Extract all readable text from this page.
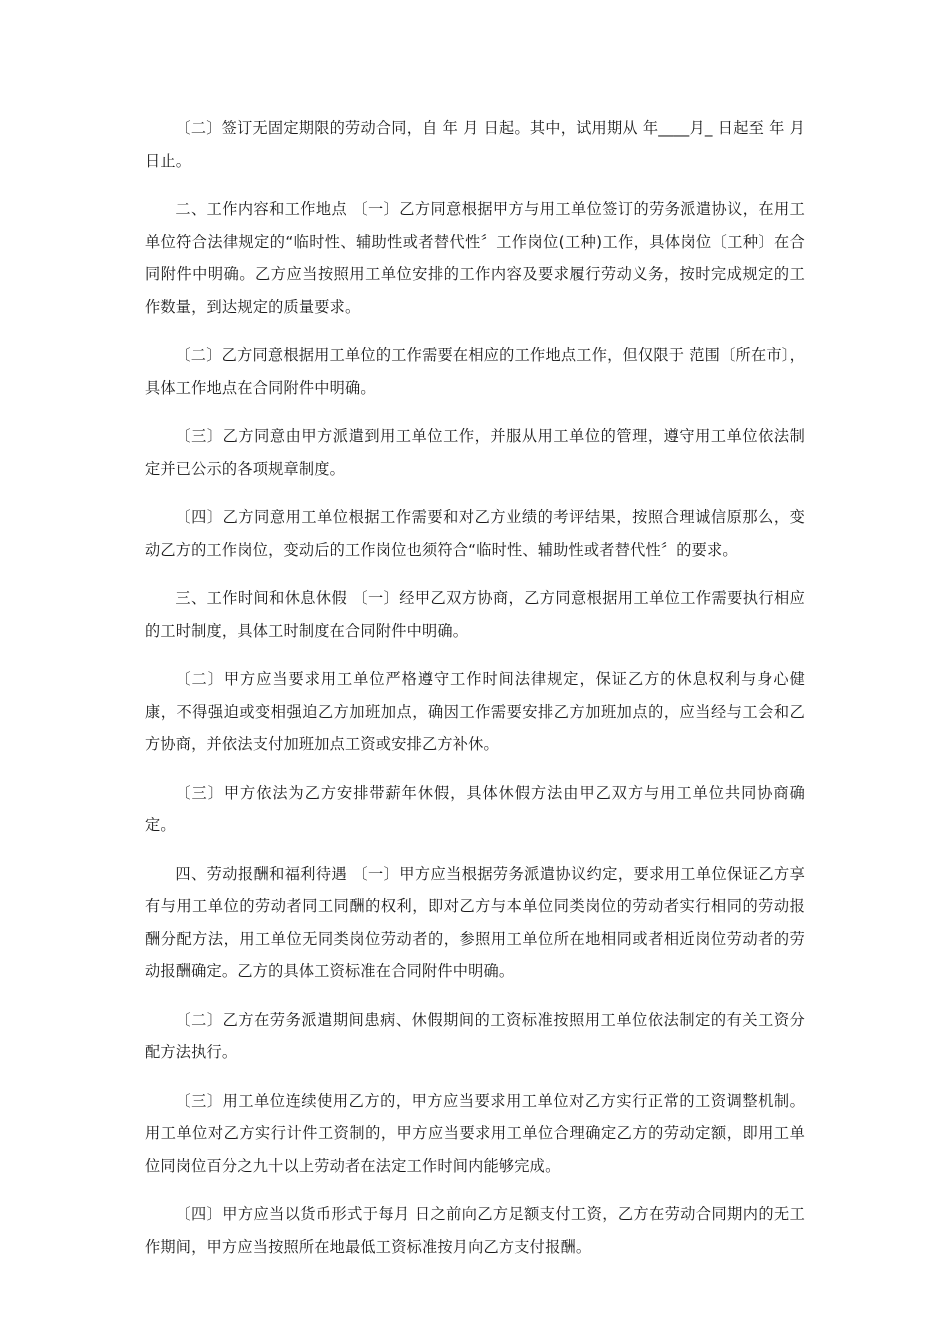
〔二〕签订无固定期限的劳动合同，自 年 月 日起。其中，试用期从 年____月_ 日起至 年 月 日止。

二、工作内容和工作地点 〔一〕乙方同意根据甲方与用工单位签订的劳务派遣协议，在用工单位符合法律规定的“临时性、辅助性或者替代性〞工作岗位(工种)工作，具体岗位〔工种〕在合同附件中明确。乙方应当按照用工单位安排的工作内容及要求履行劳动义务，按时完成规定的工作数量，到达规定的质量要求。

〔二〕乙方同意根据用工单位的工作需要在相应的工作地点工作，但仅限于 范围〔所在市〕，具体工作地点在合同附件中明确。

〔三〕乙方同意由甲方派遣到用工单位工作，并服从用工单位的管理，遵守用工单位依法制定并已公示的各项规章制度。

〔四〕乙方同意用工单位根据工作需要和对乙方业绩的考评结果，按照合理诚信原那么，变动乙方的工作岗位，变动后的工作岗位也须符合“临时性、辅助性或者替代性〞的要求。

三、工作时间和休息休假 〔一〕经甲乙双方协商，乙方同意根据用工单位工作需要执行相应的工时制度，具体工时制度在合同附件中明确。

〔二〕甲方应当要求用工单位严格遵守工作时间法律规定，保证乙方的休息权利与身心健康，不得强迫或变相强迫乙方加班加点，确因工作需要安排乙方加班加点的，应当经与工会和乙方协商，并依法支付加班加点工资或安排乙方补休。

〔三〕甲方依法为乙方安排带薪年休假，具体休假方法由甲乙双方与用工单位共同协商确定。

四、劳动报酬和福利待遇 〔一〕甲方应当根据劳务派遣协议约定，要求用工单位保证乙方享有与用工单位的劳动者同工同酬的权利，即对乙方与本单位同类岗位的劳动者实行相同的劳动报酬分配方法，用工单位无同类岗位劳动者的，参照用工单位所在地相同或者相近岗位劳动者的劳动报酬确定。乙方的具体工资标准在合同附件中明确。

〔二〕乙方在劳务派遣期间患病、休假期间的工资标准按照用工单位依法制定的有关工资分配方法执行。

〔三〕用工单位连续使用乙方的，甲方应当要求用工单位对乙方实行正常的工资调整机制。用工单位对乙方实行计件工资制的，甲方应当要求用工单位合理确定乙方的劳动定额，即用工单位同岗位百分之九十以上劳动者在法定工作时间内能够完成。

〔四〕甲方应当以货币形式于每月 日之前向乙方足额支付工资，乙方在劳动合同期内的无工作期间，甲方应当按照所在地最低工资标准按月向乙方支付报酬。
